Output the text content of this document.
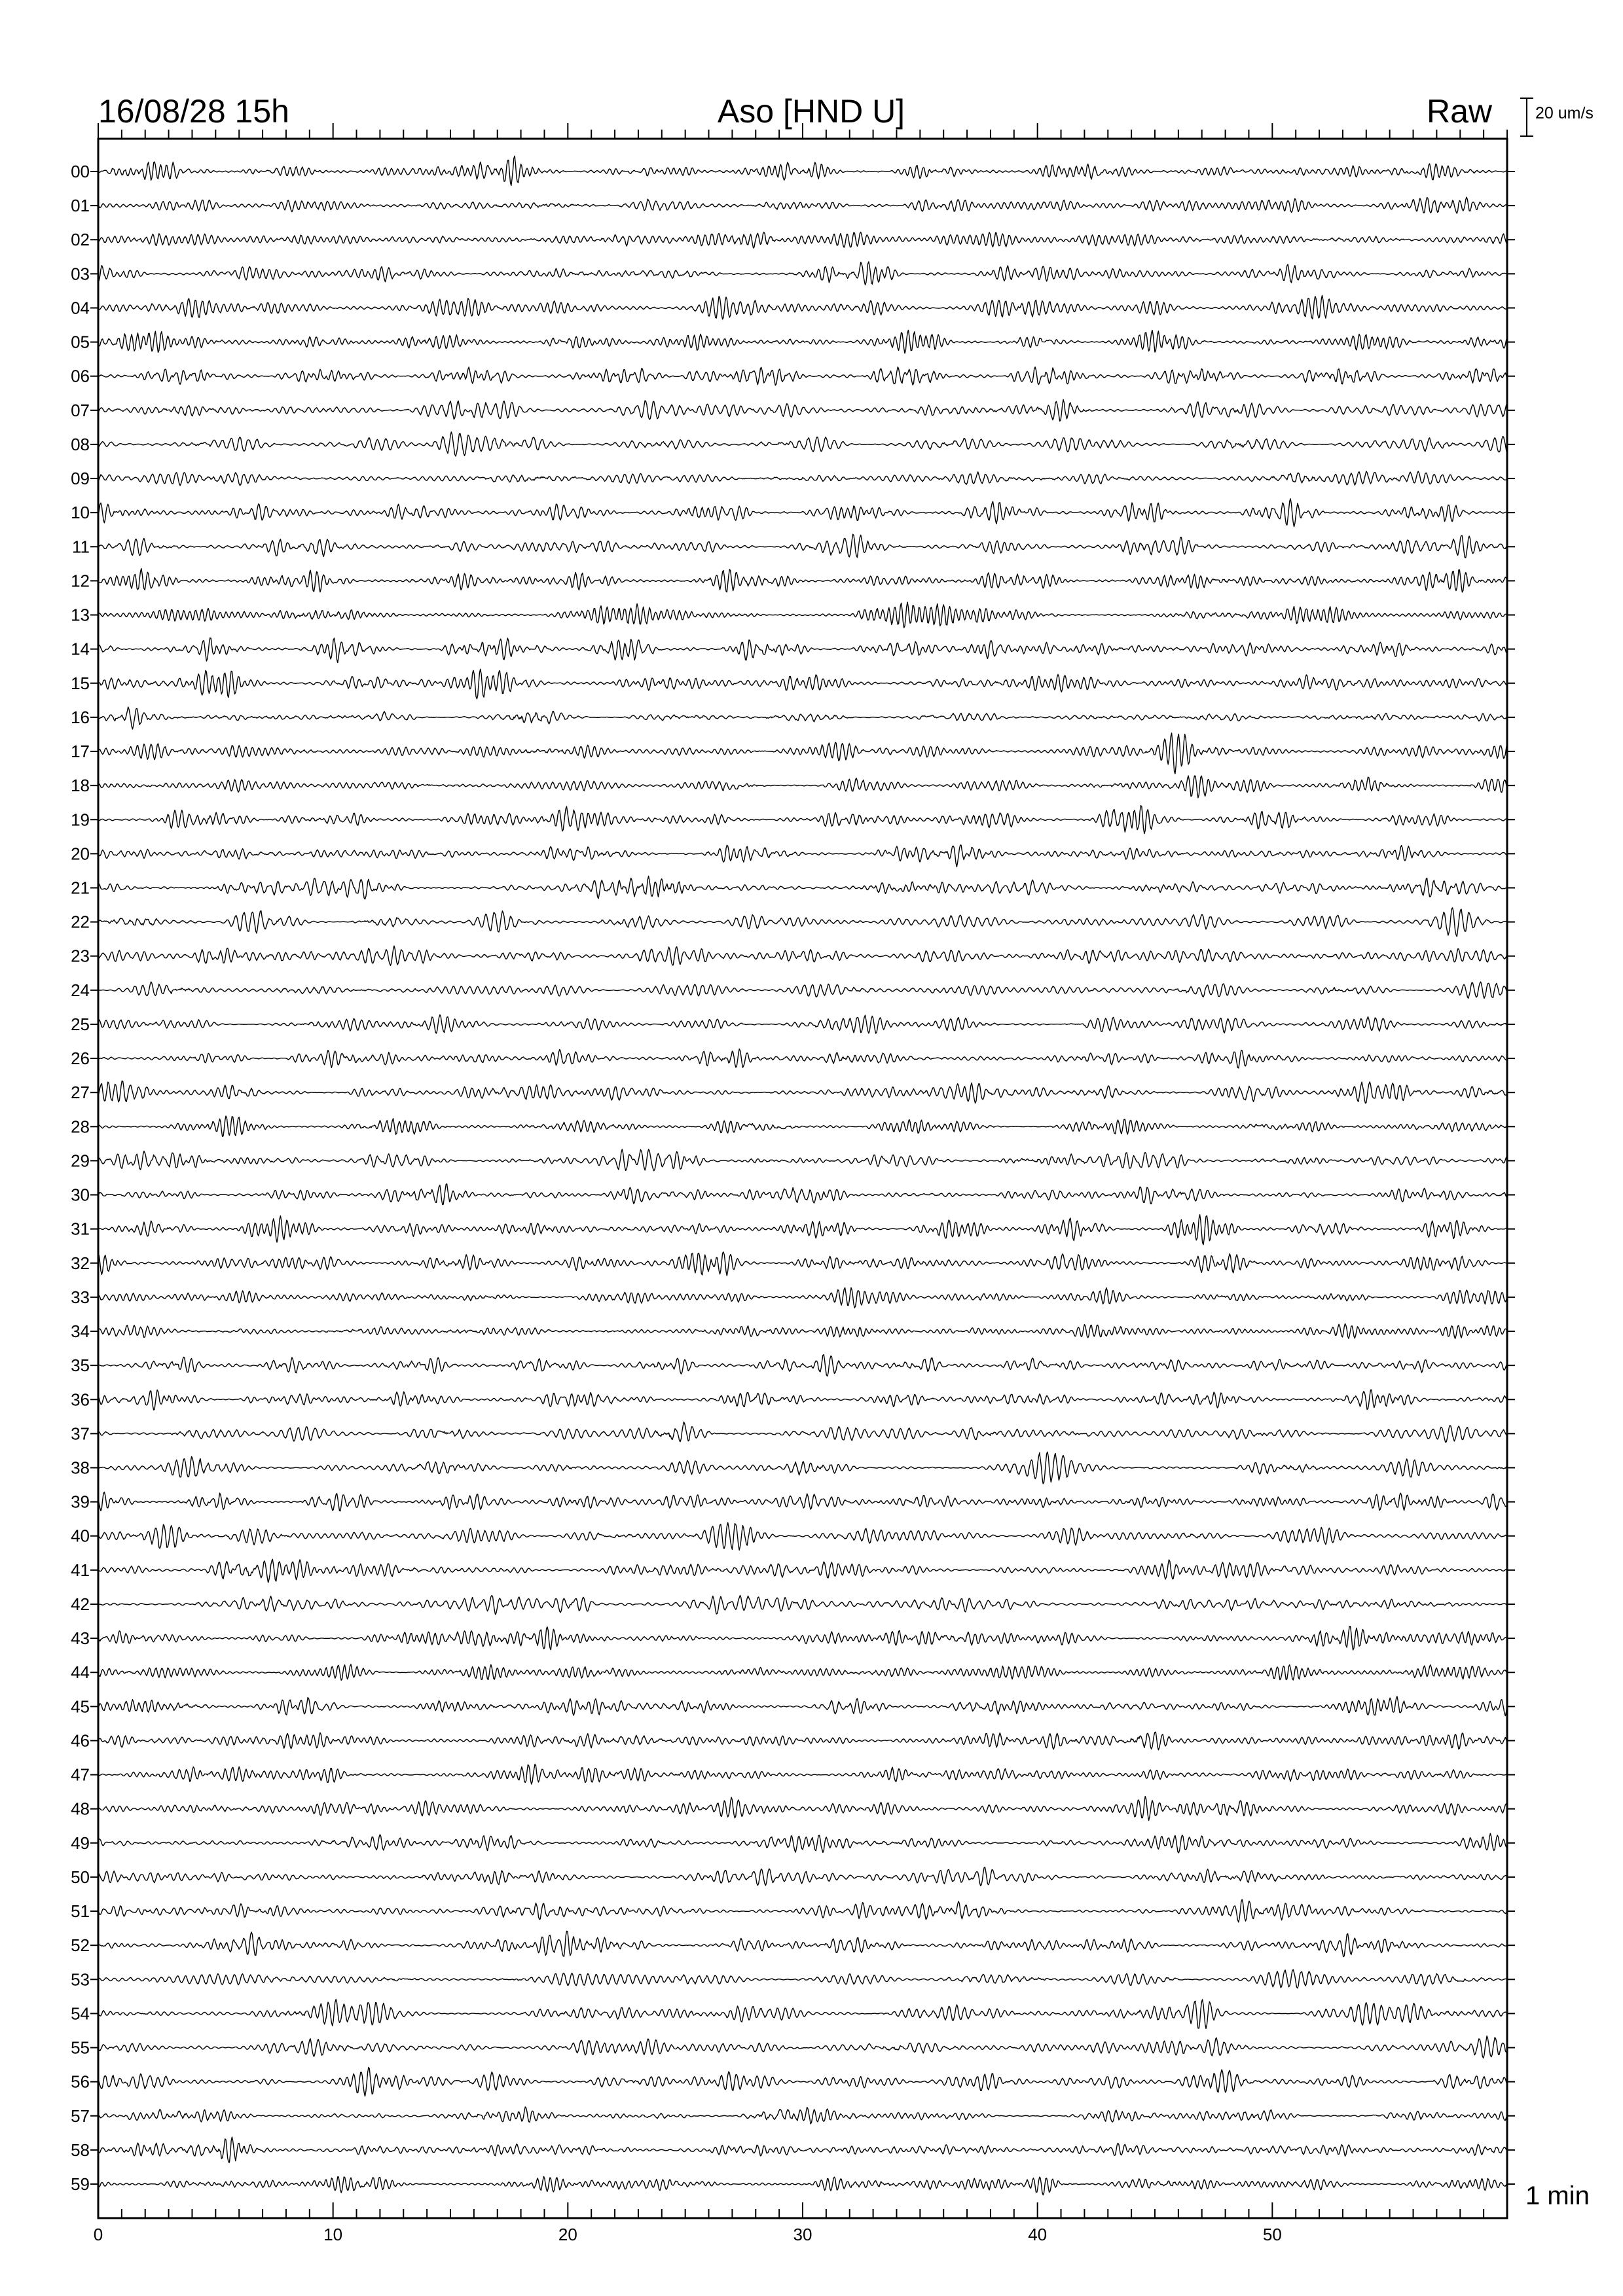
16/08/28 15h	Aso [HND U]	Raw	20 um/s
00
01
02
03
04
05
06
07
08
09
10
11
12
13
14
15
16
17
18
19
20
21
22
23
24
25
26
27
28
29
30
31
32
33
34
35
36
37
38
39
40
41
42
43
44
45
46
47
48
49
50
51
52
53
54
55
56
57
58
59
0	10	20	30	40	50
1 min
